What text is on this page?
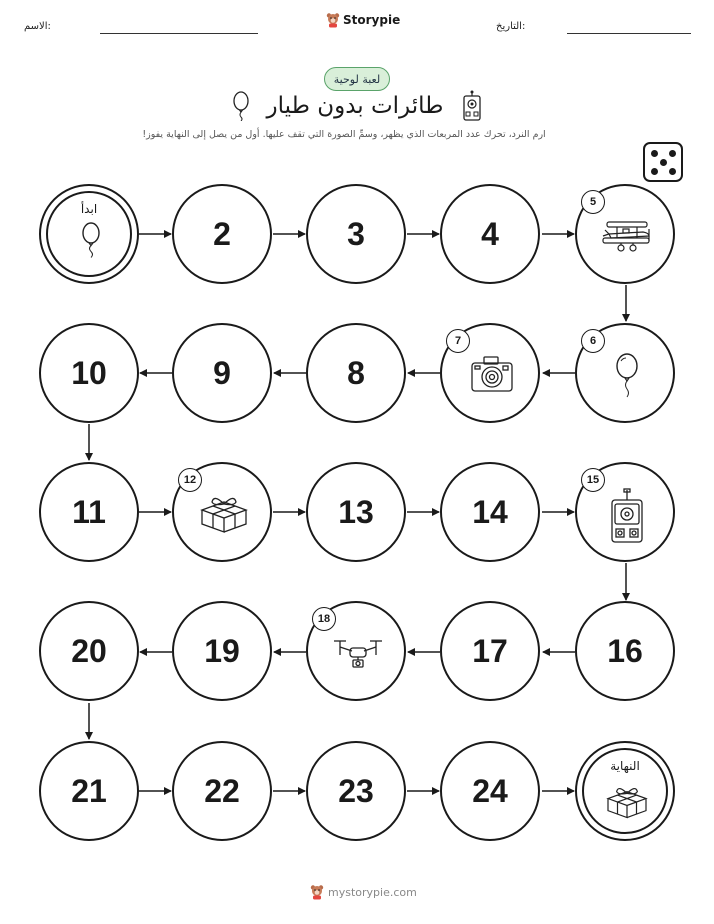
الاسم:	التاريخ:
Storypie
لعبة لوحية
طائرات بدون طيار
ارم النرد، تحرك عدد المربعات الذي يظهر، وسمِّ الصورة التي تقف عليها. أول من يصل إلى النهاية يفوز!
ابدأ
2	3	4
5
10	9	8
7	6
11
12
13	14
15
20	19
18
17	16
21	22	23	24
النهاية
mystorypie.com
